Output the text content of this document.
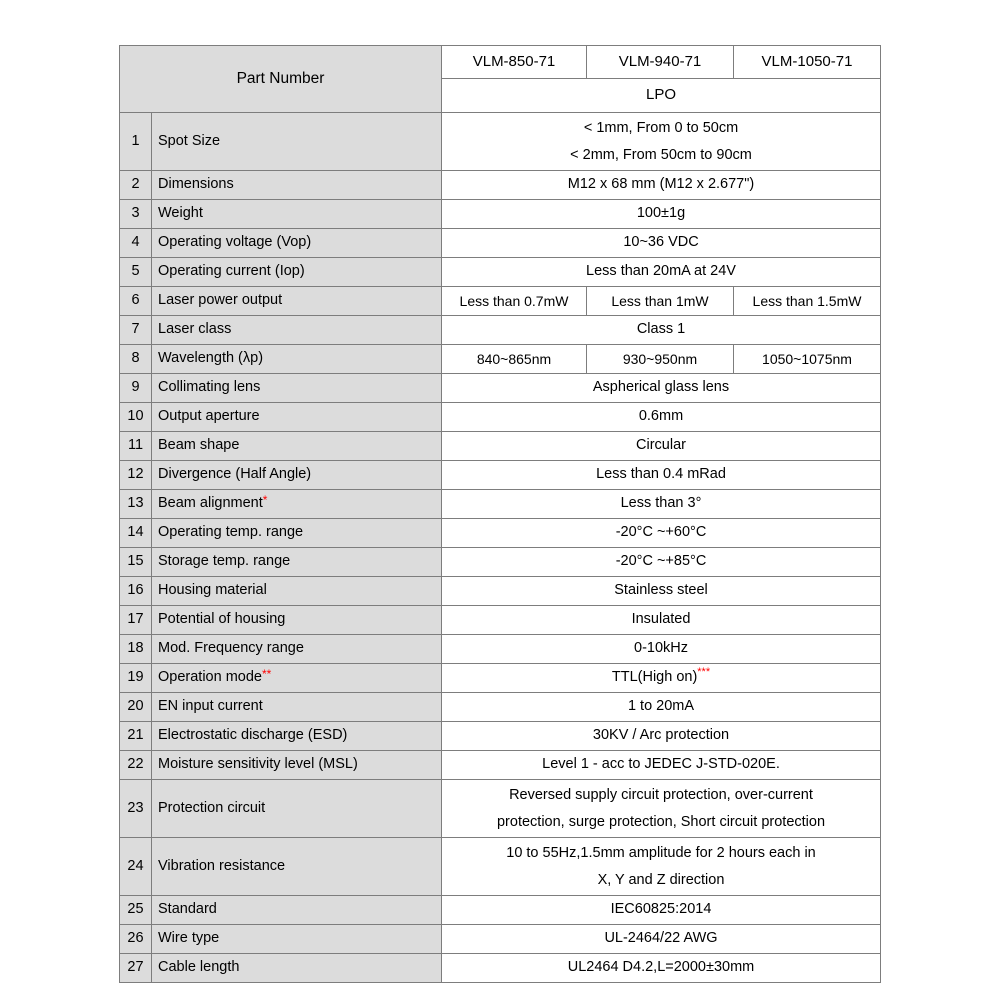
Part Number		VLM-850-71	VLM-940-71	VLM-1050-71
		LPO		
1	Spot Size	< 1mm, From 0 to 50cm
< 2mm, From 50cm to 90cm		

2	Dimensions	M12 x 68 mm (M12 x 2.677")		
3	Weight	100±1g		
4	Operating voltage (Vop)	10~36 VDC		
5	Operating current (Iop)	Less than 20mA at 24V		
6	Laser power output	Less than 0.7mW	Less than 1mW	Less than 1.5mW
7	Laser class	Class 1		
8	Wavelength (λp)	840~865nm	930~950nm	1050~1075nm
9	Collimating lens	Aspherical glass lens		
10	Output aperture	0.6mm		
11	Beam shape	Circular		
12	Divergence (Half Angle)	Less than 0.4 mRad		
13	Beam alignment*	Less than 3°		
14	Operating temp. range	-20°C ~+60°C		
15	Storage temp. range	-20°C ~+85°C		
16	Housing material	Stainless steel		
17	Potential of housing	Insulated		
18	Mod. Frequency range	0-10kHz		
19	Operation mode**	TTL(High on)***
20	EN input current	1 to 20mA		
21	Electrostatic discharge (ESD)	30KV / Arc protection		
22	Moisture sensitivity level (MSL)	Level 1 - acc to JEDEC J-STD-020E.		
23	Protection circuit	Reversed supply circuit protection, over-current
protection, surge protection, Short circuit protection		

24	Vibration resistance	10 to 55Hz,1.5mm amplitude for 2 hours each in
X, Y and Z direction		

25	Standard	IEC60825:2014		
26	Wire type	UL-2464/22 AWG		
27	Cable length	UL2464 D4.2,L=2000±30mm		
